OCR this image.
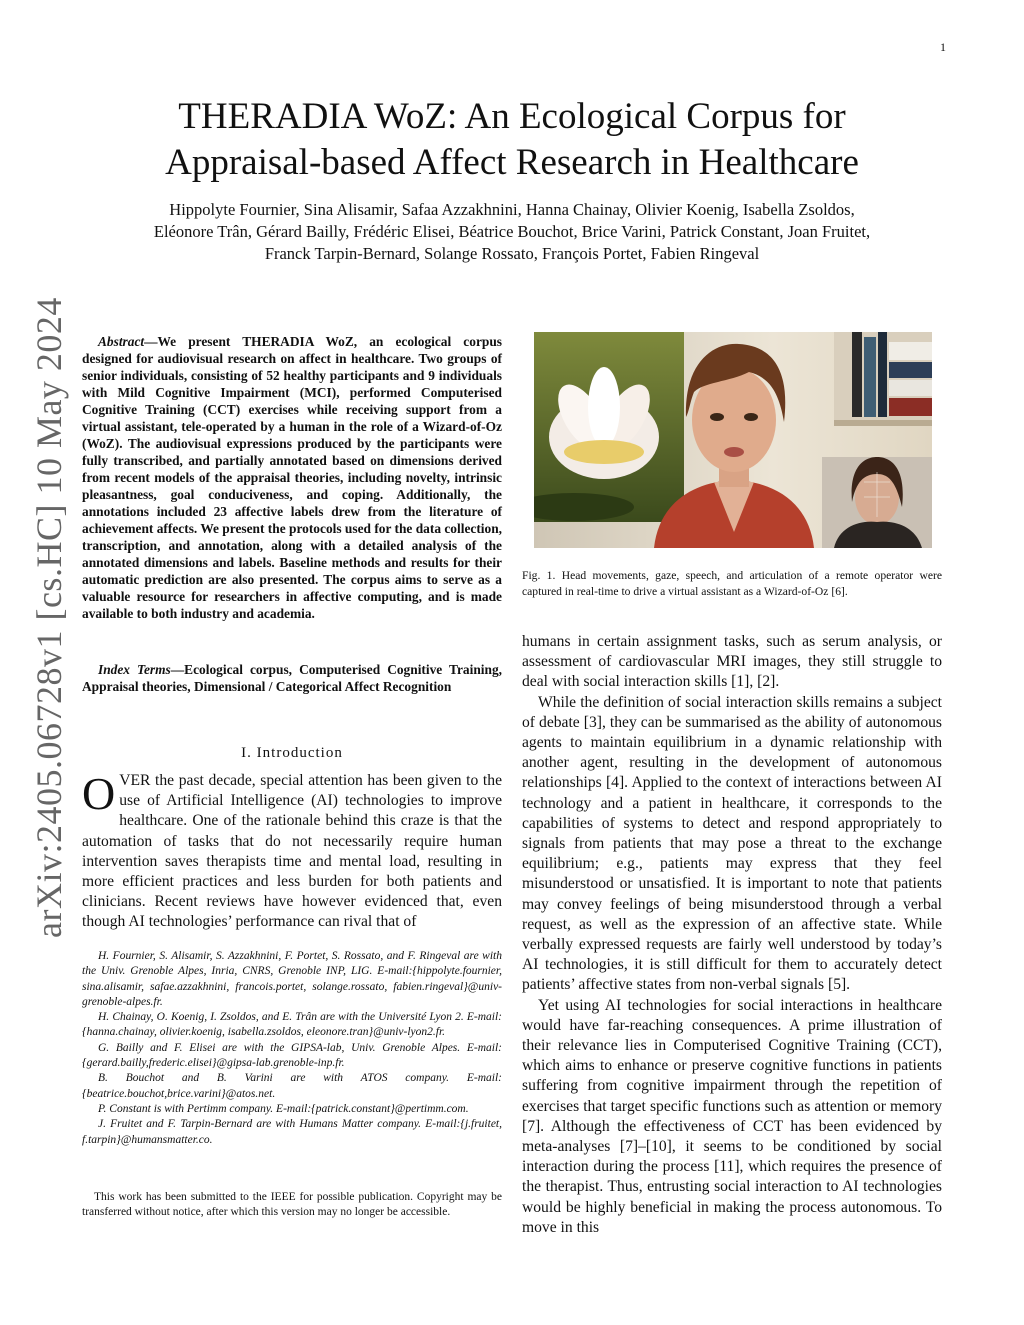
1
THERADIA WoZ: An Ecological Corpus for
Appraisal-based Affect Research in Healthcare
Hippolyte Fournier, Sina Alisamir, Safaa Azzakhnini, Hanna Chainay, Olivier Koenig, Isabella Zsoldos,
Eléonore Trân, Gérard Bailly, Frédéric Elisei, Béatrice Bouchot, Brice Varini, Patrick Constant, Joan Fruitet,
Franck Tarpin-Bernard, Solange Rossato, François Portet, Fabien Ringeval
arXiv:2405.06728v1 [cs.HC] 10 May 2024	Abstract—We present THERADIA WoZ, an ecological corpus designed for audiovisual research on affect in healthcare. Two groups of senior individuals, consisting of 52 healthy participants and 9 individuals with Mild Cognitive Impairment (MCI), performed Computerised Cognitive Training (CCT) exercises while receiving support from a virtual assistant, tele-operated by a human in the role of a Wizard-of-Oz (WoZ). The audiovisual expressions produced by the participants were fully transcribed, and partially annotated based on dimensions derived from recent models of the appraisal theories, including novelty, intrinsic pleasantness, goal conduciveness, and coping. Additionally, the annotations included 23 affective labels drew from the literature of achievement affects. We present the protocols used for the data collection, transcription, and annotation, along with a detailed analysis of the annotated dimensions and labels. Baseline methods and results for their automatic prediction are also presented. The corpus aims to serve as a valuable resource for researchers in affective computing, and is made available to both industry and academia.

Index Terms—Ecological corpus, Computerised Cognitive Training, Appraisal theories, Dimensional / Categorical Affect Recognition

I. Introduction
OVER the past decade, special attention has been given to the use of Artificial Intelligence (AI) technologies to improve healthcare. One of the rationale behind this craze is that the automation of tasks that do not necessarily require human intervention saves therapists time and mental load, resulting in more efficient practices and less burden for both patients and clinicians. Recent reviews have however evidenced that, even though AI technologies’ performance can rival that of

H. Fournier, S. Alisamir, S. Azzakhnini, F. Portet, S. Rossato, and F. Ringeval are with the Univ. Grenoble Alpes, Inria, CNRS, Grenoble INP, LIG. E-mail:{hippolyte.fournier, sina.alisamir, safae.azzakhnini, francois.portet, solange.rossato, fabien.ringeval}@univ-grenoble-alpes.fr.

H. Chainay, O. Koenig, I. Zsoldos, and E. Trân are with the Université Lyon 2. E-mail:{hanna.chainay, olivier.koenig, isabella.zsoldos, eleonore.tran}@univ-lyon2.fr.

G. Bailly and F. Elisei are with the GIPSA-lab, Univ. Grenoble Alpes. E-mail:{gerard.bailly,frederic.elisei}@gipsa-lab.grenoble-inp.fr.

B. Bouchot and B. Varini are with ATOS company. E-mail:{beatrice.bouchot,brice.varini}@atos.net.

P. Constant is with Pertimm company. E-mail:{patrick.constant}@pertimm.com.

J. Fruitet and F. Tarpin-Bernard are with Humans Matter company. E-mail:{j.fruitet, f.tarpin}@humansmatter.co.

This work has been submitted to the IEEE for possible publication. Copyright may be transferred without notice, after which this version may no longer be accessible.

Fig. 1. Head movements, gaze, speech, and articulation of a remote operator were captured in real-time to drive a virtual assistant as a Wizard-of-Oz [6].

humans in certain assignment tasks, such as serum analysis, or assessment of cardiovascular MRI images, they still struggle to deal with social interaction skills [1], [2].

While the definition of social interaction skills remains a subject of debate [3], they can be summarised as the ability of autonomous agents to maintain equilibrium in a dynamic relationship with another agent, resulting in the development of autonomous relationships [4]. Applied to the context of interactions between AI technology and a patient in healthcare, it corresponds to the capabilities of systems to detect and respond appropriately to signals from patients that may pose a threat to the exchange equilibrium; e.g., patients may express that they feel misunderstood or unsatisfied. It is important to note that patients may convey feelings of being misunderstood through a verbal request, as well as the expression of an affective state. While verbally expressed requests are fairly well understood by today’s AI technologies, it is still difficult for them to accurately detect patients’ affective states from non-verbal signals [5].

Yet using AI technologies for social interactions in healthcare would have far-reaching consequences. A prime illustration of their relevance lies in Computerised Cognitive Training (CCT), which aims to enhance or preserve cognitive functions in patients suffering from cognitive impairment through the repetition of exercises that target specific functions such as attention or memory [7]. Although the effectiveness of CCT has been evidenced by meta-analyses [7]–[10], it seems to be conditioned by social interaction during the process [11], which requires the presence of the therapist. Thus, entrusting social interaction to AI technologies would be highly beneficial in making the process autonomous. To move in this
